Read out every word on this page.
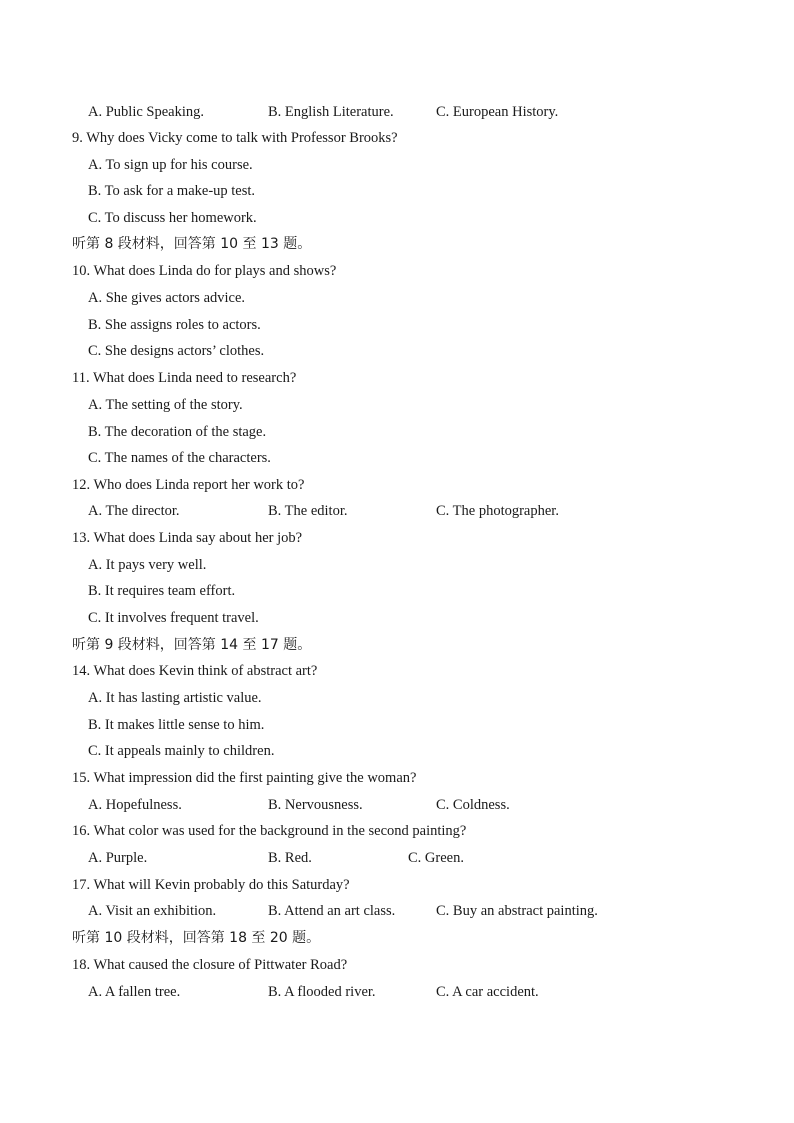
A. Public Speaking.	B. English Literature.	C. European History.
9. Why does Vicky come to talk with Professor Brooks?
A. To sign up for his course.
B. To ask for a make-up test.
C. To discuss her homework.
听第 8 段材料，回答第 10 至 13 题。
10. What does Linda do for plays and shows?
A. She gives actors advice.
B. She assigns roles to actors.
C. She designs actors’ clothes.
11. What does Linda need to research?
A. The setting of the story.
B. The decoration of the stage.
C. The names of the characters.
12. Who does Linda report her work to?
A. The director.	B. The editor.	C. The photographer.
13. What does Linda say about her job?
A. It pays very well.
B. It requires team effort.
C. It involves frequent travel.
听第 9 段材料，回答第 14 至 17 题。
14. What does Kevin think of abstract art?
A. It has lasting artistic value.
B. It makes little sense to him.
C. It appeals mainly to children.
15. What impression did the first painting give the woman?
A. Hopefulness.	B. Nervousness.	C. Coldness.
16. What color was used for the background in the second painting?
A. Purple.	B. Red.	C. Green.
17. What will Kevin probably do this Saturday?
A. Visit an exhibition.	B. Attend an art class.	C. Buy an abstract painting.
听第 10 段材料，回答第 18 至 20 题。
18. What caused the closure of Pittwater Road?
A. A fallen tree.	B. A flooded river.	C. A car accident.
